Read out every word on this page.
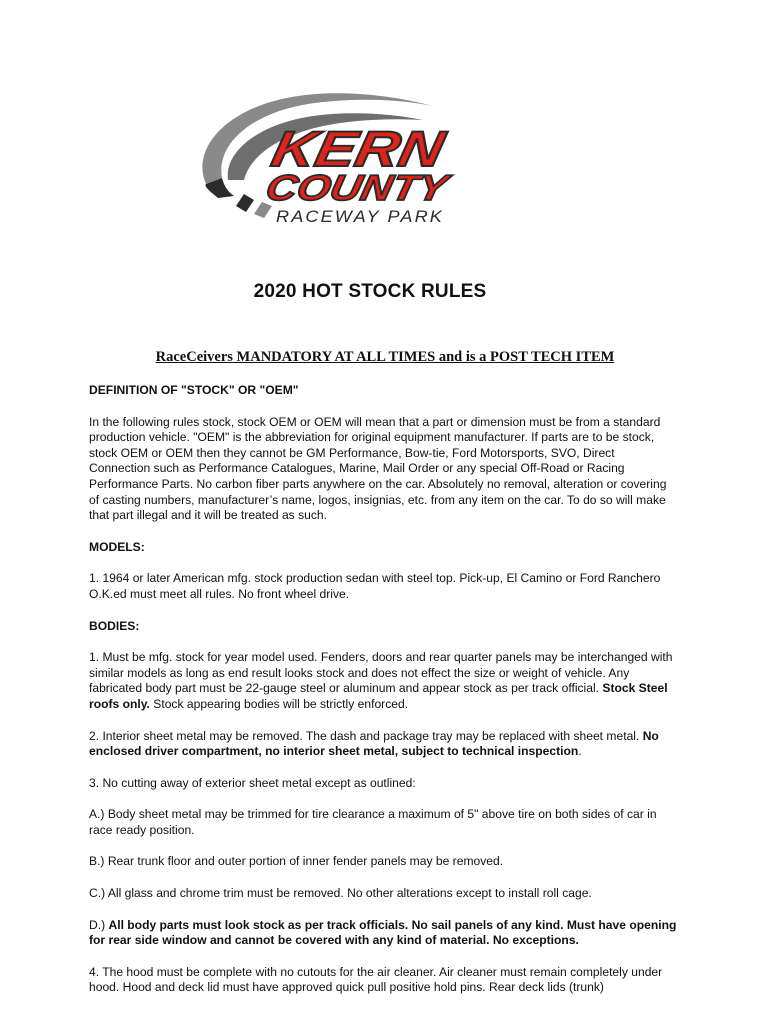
KERN
COUNTY
RACEWAY PARK
2020 HOT STOCK RULES

RaceCeivers MANDATORY AT ALL TIMES and is a POST TECH ITEM

DEFINITION OF "STOCK" OR "OEM"

In the following rules stock, stock OEM or OEM will mean that a part or dimension must be from a standard production vehicle. "OEM" is the abbreviation for original equipment manufacturer. If parts are to be stock, stock OEM or OEM then they cannot be GM Performance, Bow-tie, Ford Motorsports, SVO, Direct Connection such as Performance Catalogues, Marine, Mail Order or any special Off-Road or Racing Performance Parts. No carbon fiber parts anywhere on the car. Absolutely no removal, alteration or covering of casting numbers, manufacturer’s name, logos, insignias, etc. from any item on the car. To do so will make that part illegal and it will be treated as such.

MODELS:

1. 1964 or later American mfg. stock production sedan with steel top. Pick-up, El Camino or Ford Ranchero O.K.ed must meet all rules. No front wheel drive.

BODIES:

1. Must be mfg. stock for year model used. Fenders, doors and rear quarter panels may be interchanged with similar models as long as end result looks stock and does not effect the size or weight of vehicle. Any fabricated body part must be 22-gauge steel or aluminum and appear stock as per track official. Stock Steel roofs only. Stock appearing bodies will be strictly enforced.

2. Interior sheet metal may be removed. The dash and package tray may be replaced with sheet metal. No enclosed driver compartment, no interior sheet metal, subject to technical inspection.

3. No cutting away of exterior sheet metal except as outlined:

A.) Body sheet metal may be trimmed for tire clearance a maximum of 5" above tire on both sides of car in race ready position.

B.) Rear trunk floor and outer portion of inner fender panels may be removed.

C.) All glass and chrome trim must be removed. No other alterations except to install roll cage.

D.) All body parts must look stock as per track officials. No sail panels of any kind. Must have opening for rear side window and cannot be covered with any kind of material. No exceptions.

4. The hood must be complete with no cutouts for the air cleaner. Air cleaner must remain completely under hood. Hood and deck lid must have approved quick pull positive hold pins. Rear deck lids (trunk)
